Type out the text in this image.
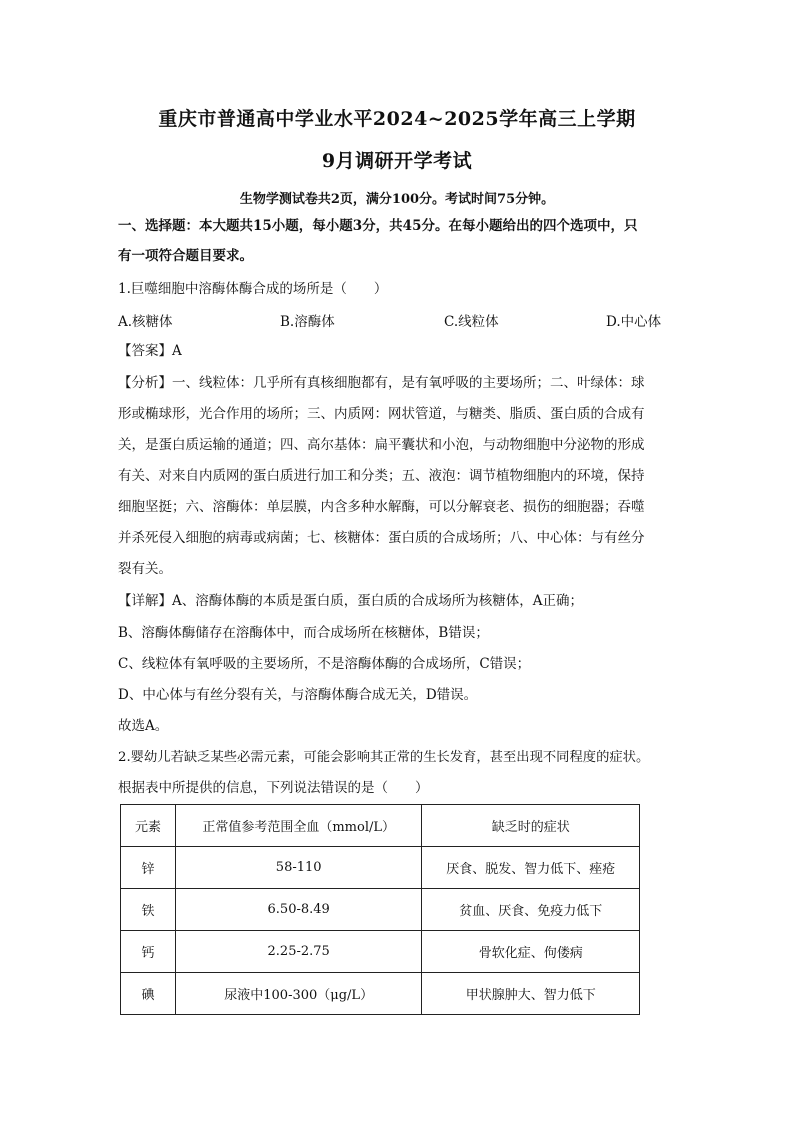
重庆市普通高中学业水平2024~2025学年高三上学期
9月调研开学考试
生物学测试卷共2页，满分100分。考试时间75分钟。
一、选择题：本大题共15小题，每小题3分，共45分。在每小题给出的四个选项中，只
有一项符合题目要求。
1.巨噬细胞中溶酶体酶合成的场所是（　　）
A.核糖体	B.溶酶体	C.线粒体	D.中心体
【答案】A
【分析】一、线粒体：几乎所有真核细胞都有，是有氧呼吸的主要场所；二、叶绿体：球
形或椭球形，光合作用的场所；三、内质网：网状管道，与糖类、脂质、蛋白质的合成有
关，是蛋白质运输的通道；四、高尔基体：扁平囊状和小泡，与动物细胞中分泌物的形成
有关、对来自内质网的蛋白质进行加工和分类；五、液泡：调节植物细胞内的环境，保持
细胞坚挺；六、溶酶体：单层膜，内含多种水解酶，可以分解衰老、损伤的细胞器；吞噬
并杀死侵入细胞的病毒或病菌；七、核糖体：蛋白质的合成场所；八、中心体：与有丝分
裂有关。
【详解】A、溶酶体酶的本质是蛋白质，蛋白质的合成场所为核糖体，A正确；
B、溶酶体酶储存在溶酶体中，而合成场所在核糖体，B错误；
C、线粒体有氧呼吸的主要场所，不是溶酶体酶的合成场所，C错误；
D、中心体与有丝分裂有关，与溶酶体酶合成无关，D错误。
故选A。
2.婴幼儿若缺乏某些必需元素，可能会影响其正常的生长发育，甚至出现不同程度的症状。
根据表中所提供的信息，下列说法错误的是（　　）
元素	正常值参考范围全血（mmol/L）	缺乏时的症状
锌	58-110	厌食、脱发、智力低下、痤疮
铁	6.50-8.49	贫血、厌食、免疫力低下
钙	2.25-2.75	骨软化症、佝偻病
碘	尿液中100-300（μg/L）	甲状腺肿大、智力低下
